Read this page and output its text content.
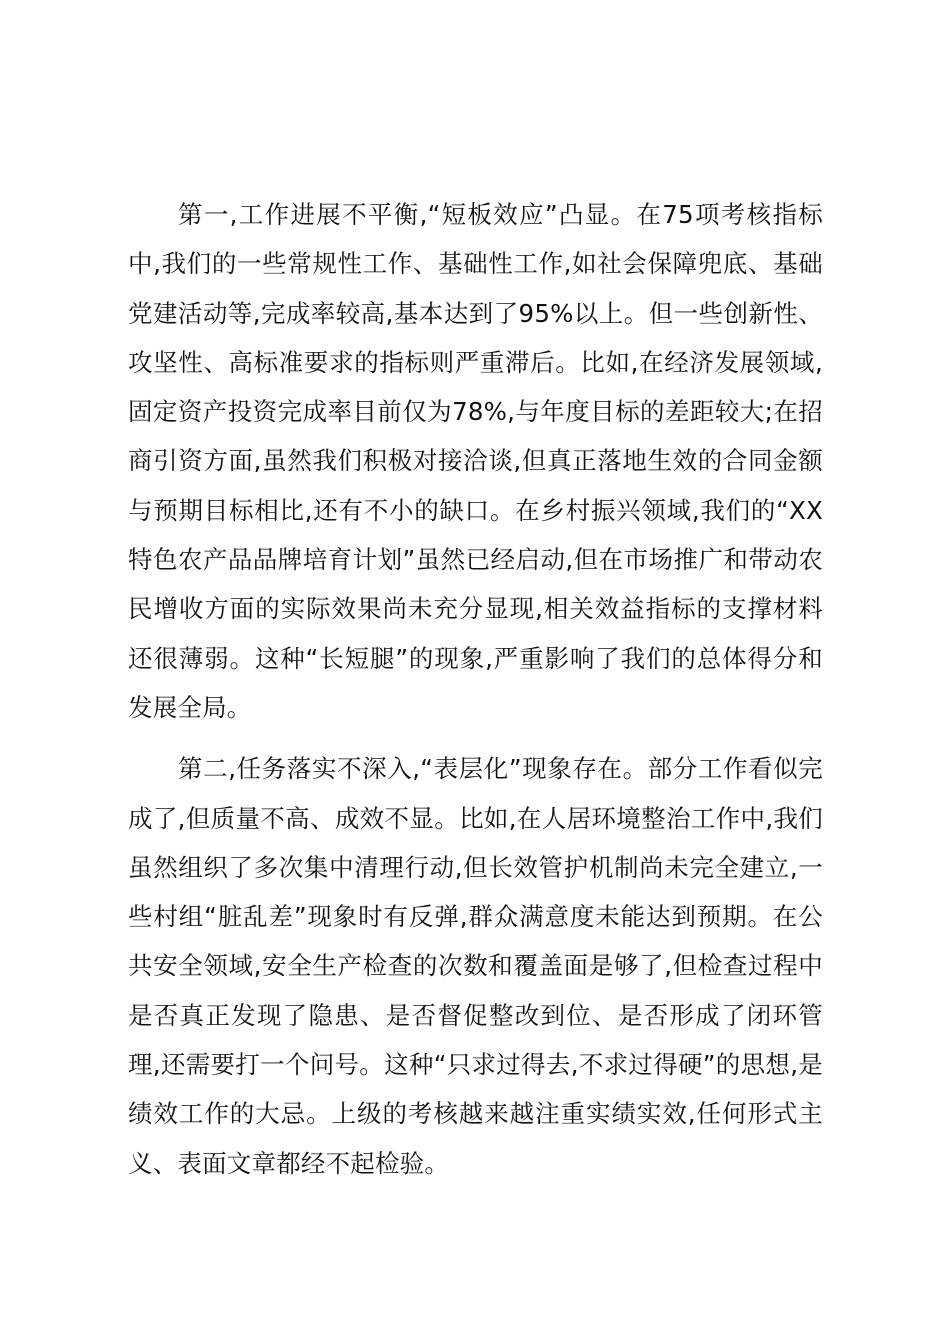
第一,工作进展不平衡,“短板效应”凸显。在75项考核指标中,我们的一些常规性工作、基础性工作,如社会保障兜底、基础党建活动等,完成率较高,基本达到了95%以上。但一些创新性、攻坚性、高标准要求的指标则严重滞后。比如,在经济发展领域,固定资产投资完成率目前仅为78%,与年度目标的差距较大;在招商引资方面,虽然我们积极对接洽谈,但真正落地生效的合同金额与预期目标相比,还有不小的缺口。在乡村振兴领域,我们的“XX特色农产品品牌培育计划”虽然已经启动,但在市场推广和带动农民增收方面的实际效果尚未充分显现,相关效益指标的支撑材料还很薄弱。这种“长短腿”的现象,严重影响了我们的总体得分和发展全局。

第二,任务落实不深入,“表层化”现象存在。部分工作看似完成了,但质量不高、成效不显。比如,在人居环境整治工作中,我们虽然组织了多次集中清理行动,但长效管护机制尚未完全建立,一些村组“脏乱差”现象时有反弹,群众满意度未能达到预期。在公共安全领域,安全生产检查的次数和覆盖面是够了,但检查过程中是否真正发现了隐患、是否督促整改到位、是否形成了闭环管理,还需要打一个问号。这种“只求过得去,不求过得硬”的思想,是绩效工作的大忌。上级的考核越来越注重实绩实效,任何形式主义、表面文章都经不起检验。
